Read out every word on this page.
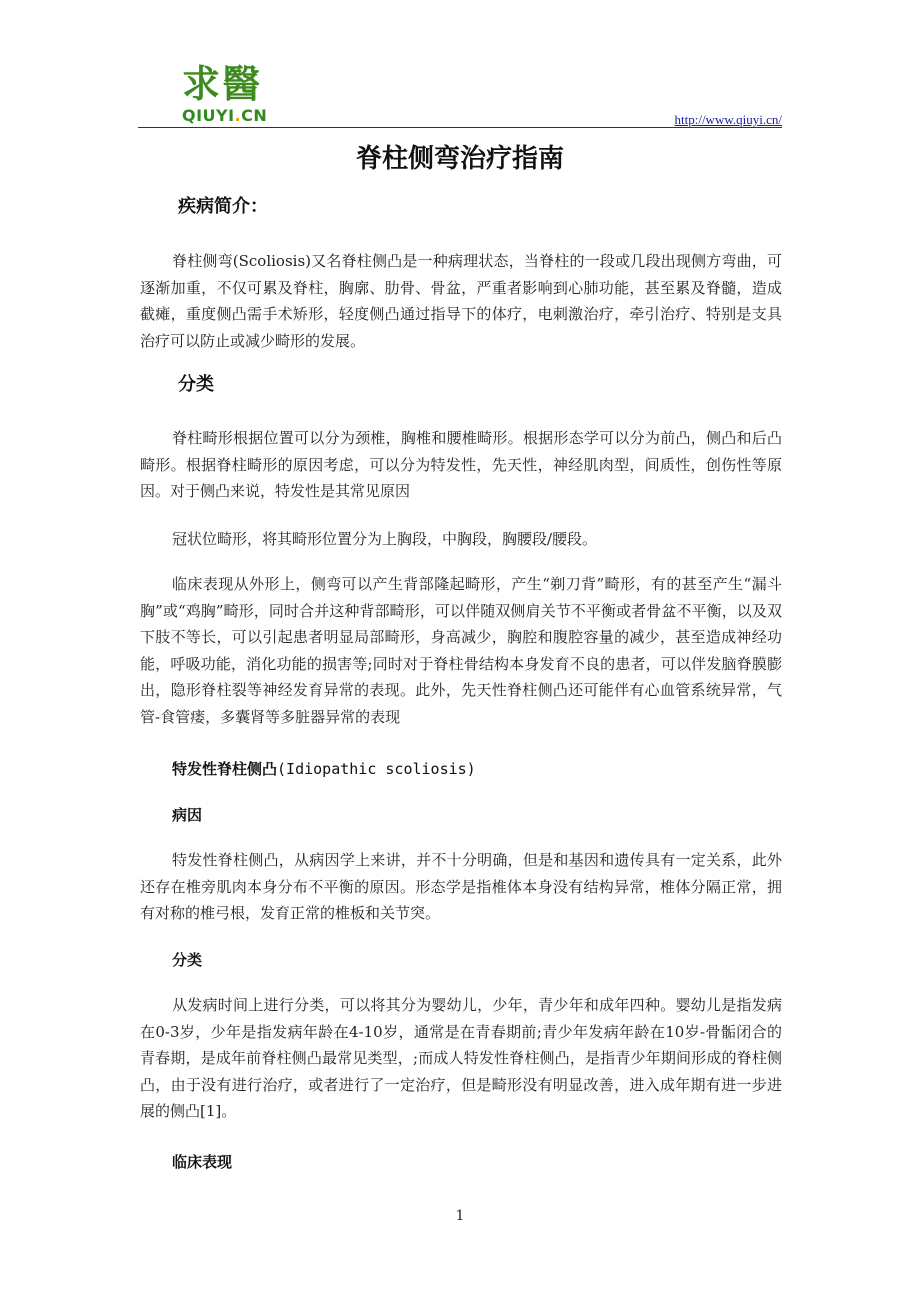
求醫
QIUYI.CN	http://www.qiuyi.cn/
脊柱侧弯治疗指南
疾病简介：
脊柱侧弯(Scoliosis)又名脊柱侧凸是一种病理状态，当脊柱的一段或几段出现侧方弯曲，可逐渐加重，不仅可累及脊柱，胸廓、肋骨、骨盆，严重者影响到心肺功能，甚至累及脊髓，造成截瘫，重度侧凸需手术矫形，轻度侧凸通过指导下的体疗，电刺激治疗，牵引治疗、特别是支具治疗可以防止或减少畸形的发展。
分类
脊柱畸形根据位置可以分为颈椎，胸椎和腰椎畸形。根据形态学可以分为前凸，侧凸和后凸畸形。根据脊柱畸形的原因考虑，可以分为特发性，先天性，神经肌肉型，间质性，创伤性等原因。对于侧凸来说，特发性是其常见原因
冠状位畸形，将其畸形位置分为上胸段，中胸段，胸腰段/腰段。
临床表现从外形上，侧弯可以产生背部隆起畸形，产生“剃刀背”畸形，有的甚至产生“漏斗胸”或“鸡胸”畸形，同时合并这种背部畸形，可以伴随双侧肩关节不平衡或者骨盆不平衡，以及双下肢不等长，可以引起患者明显局部畸形，身高减少，胸腔和腹腔容量的减少，甚至造成神经功能，呼吸功能，消化功能的损害等;同时对于脊柱骨结构本身发育不良的患者，可以伴发脑脊膜膨出，隐形脊柱裂等神经发育异常的表现。此外，先天性脊柱侧凸还可能伴有心血管系统异常，气管-食管瘘，多囊肾等多脏器异常的表现
特发性脊柱侧凸(Idiopathic scoliosis)
病因
特发性脊柱侧凸，从病因学上来讲，并不十分明确，但是和基因和遗传具有一定关系，此外还存在椎旁肌肉本身分布不平衡的原因。形态学是指椎体本身没有结构异常，椎体分隔正常，拥有对称的椎弓根，发育正常的椎板和关节突。
分类
从发病时间上进行分类，可以将其分为婴幼儿，少年，青少年和成年四种。婴幼儿是指发病在0-3岁，少年是指发病年龄在4-10岁，通常是在青春期前;青少年发病年龄在10岁-骨骺闭合的青春期，是成年前脊柱侧凸最常见类型，;而成人特发性脊柱侧凸，是指青少年期间形成的脊柱侧凸，由于没有进行治疗，或者进行了一定治疗，但是畸形没有明显改善，进入成年期有进一步进展的侧凸[1]。
临床表现
1
